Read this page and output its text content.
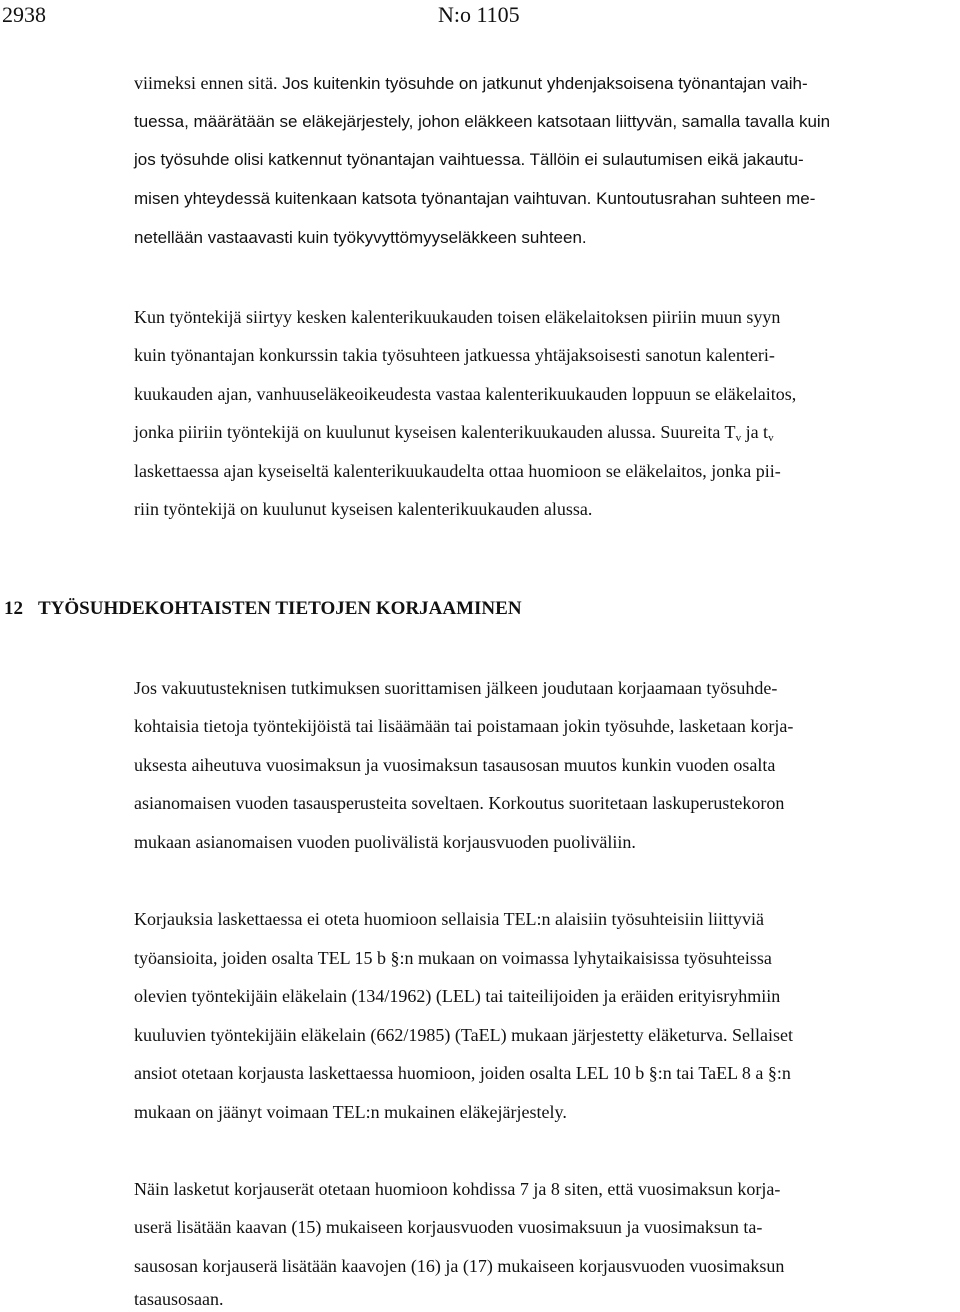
2938	N:o 1105
viimeksi ennen sitä. Jos kuitenkin työsuhde on jatkunut yhdenjaksoisena työnantajan vaih-
tuessa, määrätään se eläkejärjestely, johon eläkkeen katsotaan liittyvän, samalla tavalla kuin
jos työsuhde olisi katkennut työnantajan vaihtuessa. Tällöin ei sulautumisen eikä jakautu-
misen yhteydessä kuitenkaan katsota työnantajan vaihtuvan. Kuntoutusrahan suhteen me-
netellään vastaavasti kuin työkyvyttömyyseläkkeen suhteen.
Kun työntekijä siirtyy kesken kalenterikuukauden toisen eläkelaitoksen piiriin muun syyn
kuin työnantajan konkurssin takia työsuhteen jatkuessa yhtäjaksoisesti sanotun kalenteri-
kuukauden ajan, vanhuuseläkeoikeudesta vastaa kalenterikuukauden loppuun se eläkelaitos,
jonka piiriin työntekijä on kuulunut kyseisen kalenterikuukauden alussa. Suureita $T_v$ ja $t_v$
laskettaessa ajan kyseiseltä kalenterikuukaudelta ottaa huomioon se eläkelaitos, jonka pii-
riin työntekijä on kuulunut kyseisen kalenterikuukauden alussa.
12 TYÖSUHDEKOHTAISTEN TIETOJEN KORJAAMINEN
Jos vakuutusteknisen tutkimuksen suorittamisen jälkeen joudutaan korjaamaan työsuhde-
kohtaisia tietoja työntekijöistä tai lisäämään tai poistamaan jokin työsuhde, lasketaan korja-
uksesta aiheutuva vuosimaksun ja vuosimaksun tasausosan muutos kunkin vuoden osalta
asianomaisen vuoden tasausperusteita soveltaen. Korkoutus suoritetaan laskuperustekoron
mukaan asianomaisen vuoden puolivälistä korjausvuoden puoliväliin.
Korjauksia laskettaessa ei oteta huomioon sellaisia TEL:n alaisiin työsuhteisiin liittyviä
työansioita, joiden osalta TEL 15 b §:n mukaan on voimassa lyhytaikaisissa työsuhteissa
olevien työntekijäin eläkelain (134/1962) (LEL) tai taiteilijoiden ja eräiden erityisryhmiin
kuuluvien työntekijäin eläkelain (662/1985) (TaEL) mukaan järjestetty eläketurva. Sellaiset
ansiot otetaan korjausta laskettaessa huomioon, joiden osalta LEL 10 b §:n tai TaEL 8 a §:n
mukaan on jäänyt voimaan TEL:n mukainen eläkejärjestely.
Näin lasketut korjauserät otetaan huomioon kohdissa 7 ja 8 siten, että vuosimaksun korja-
userä lisätään kaavan (15) mukaiseen korjausvuoden vuosimaksuun ja vuosimaksun ta-
sausosan korjauserä lisätään kaavojen (16) ja (17) mukaiseen korjausvuoden vuosimaksun
tasausosaan.
